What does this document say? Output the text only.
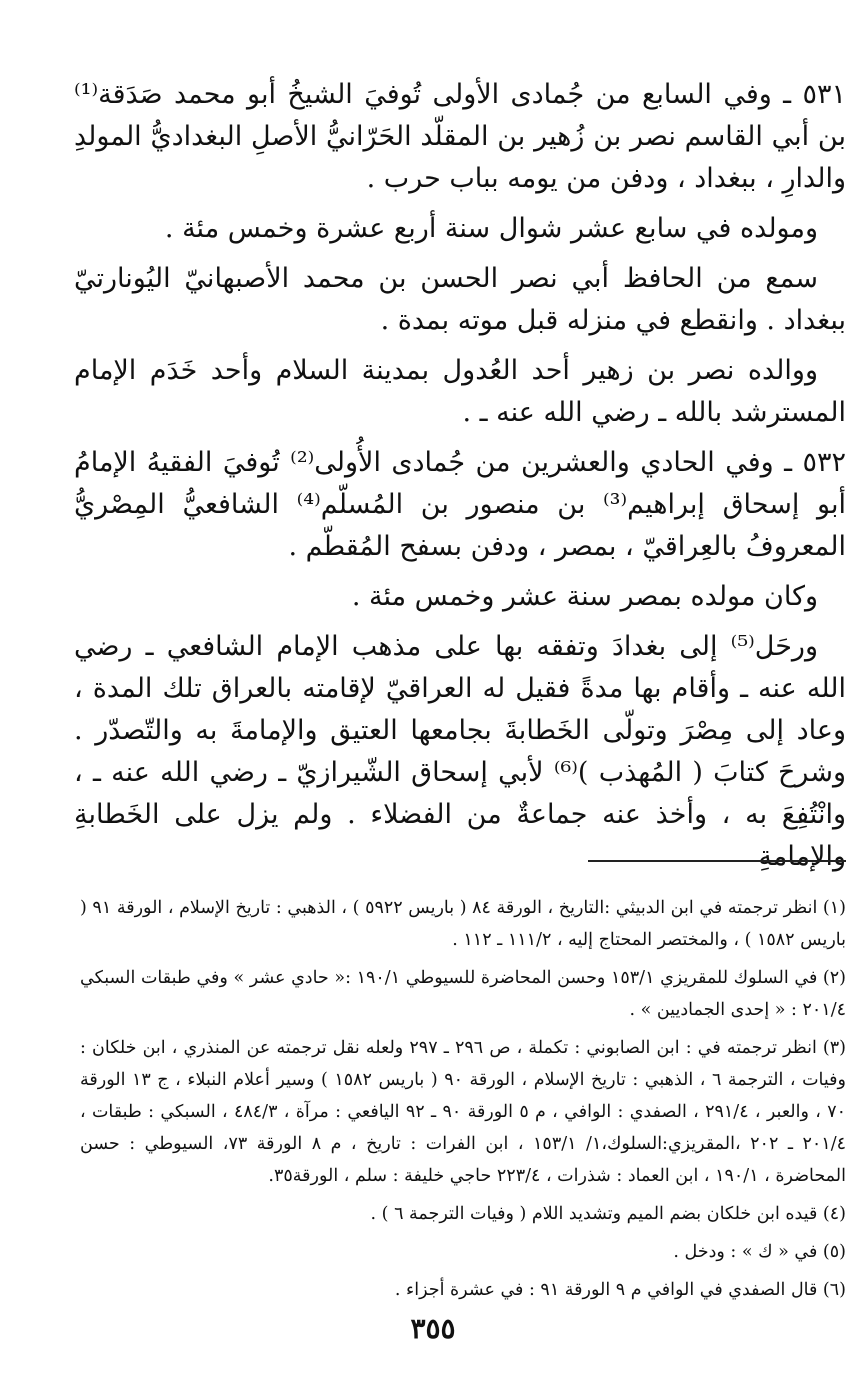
٥٣١ ـ وفي السابع من جُمادى الأولى تُوفيَ الشيخُ أبو محمد صَدَقة⁽¹⁾ بن أبي القاسم نصر بن زُهير بن المقلّد الحَرّانيُّ الأصلِ البغداديُّ المولدِ والدارِ ، ببغداد ، ودفن من يومه بباب حرب .

ومولده في سابع عشر شوال سنة أربع عشرة وخمس مئة .

سمع من الحافظ أبي نصر الحسن بن محمد الأصبهانيّ اليُونارتيّ ببغداد . وانقطع في منزله قبل موته بمدة .

ووالده نصر بن زهير أحد العُدول بمدينة السلام وأحد خَدَم الإمام المسترشد بالله ـ رضي الله عنه ـ .

٥٣٢ ـ وفي الحادي والعشرين من جُمادى الأُولى⁽²⁾ تُوفيَ الفقيهُ الإمامُ أبو إسحاق إبراهيم⁽³⁾ بن منصور بن المُسلّم⁽⁴⁾ الشافعيُّ المِصْريُّ المعروفُ بالعِراقيّ ، بمصر ، ودفن بسفح المُقطّم .

وكان مولده بمصر سنة عشر وخمس مئة .

ورحَل⁽⁵⁾ إلى بغدادَ وتفقه بها على مذهب الإمام الشافعي ـ رضي الله عنه ـ وأقام بها مدةً فقيل له العراقيّ لإقامته بالعراق تلك المدة ، وعاد إلى مِصْرَ وتولّى الخَطابةَ بجامعها العتيق والإمامةَ به والتّصدّر . وشرحَ كتابَ ( المُهذب )⁽⁶⁾ لأبي إسحاق الشّيرازيّ ـ رضي الله عنه ـ ، وانْتُفِعَ به ، وأخذ عنه جماعةٌ من الفضلاء . ولم يزل على الخَطابةِ والإمامةِ

(١) انظر ترجمته في ابن الدبيثي :التاريخ ، الورقة ٨٤ ( باريس ٥٩٢٢ ) ، الذهبي : تاريخ الإسلام ، الورقة ٩١ ( باريس ١٥٨٢ ) ، والمختصر المحتاج إليه ، ١١١/٢ ـ ١١٢ .

(٢) في السلوك للمقريزي ١٥٣/١ وحسن المحاضرة للسيوطي ١٩٠/١ :« حادي عشر » وفي طبقات السبكي ٢٠١/٤ : « إحدى الجماديين » .

(٣) انظر ترجمته في : ابن الصابوني : تكملة ، ص ٢٩٦ ـ ٢٩٧ ولعله نقل ترجمته عن المنذري ، ابن خلكان : وفيات ، الترجمة ٦ ، الذهبي : تاريخ الإسلام ، الورقة ٩٠ ( باريس ١٥٨٢ ) وسير أعلام النبلاء ، ج ١٣ الورقة ٧٠ ، والعبر ، ٢٩١/٤ ، الصفدي : الوافي ، م ٥ الورقة ٩٠ ـ ٩٢ اليافعي : مرآة ، ٤٨٤/٣ ، السبكي : طبقات ، ٢٠١/٤ ـ ٢٠٢ ،المقريزي:السلوك،١/ ١٥٣/١ ، ابن الفرات : تاريخ ، م ٨ الورقة ٧٣، السيوطي : حسن المحاضرة ، ١٩٠/١ ، ابن العماد : شذرات ، ٢٢٣/٤ حاجي خليفة : سلم ، الورقة٣٥.

(٤) قيده ابن خلكان بضم الميم وتشديد اللام ( وفيات الترجمة ٦ ) .

(٥) في « ك » : ودخل .

(٦) قال الصفدي في الوافي م ٩ الورقة ٩١ : في عشرة أجزاء .

٣٥٥
